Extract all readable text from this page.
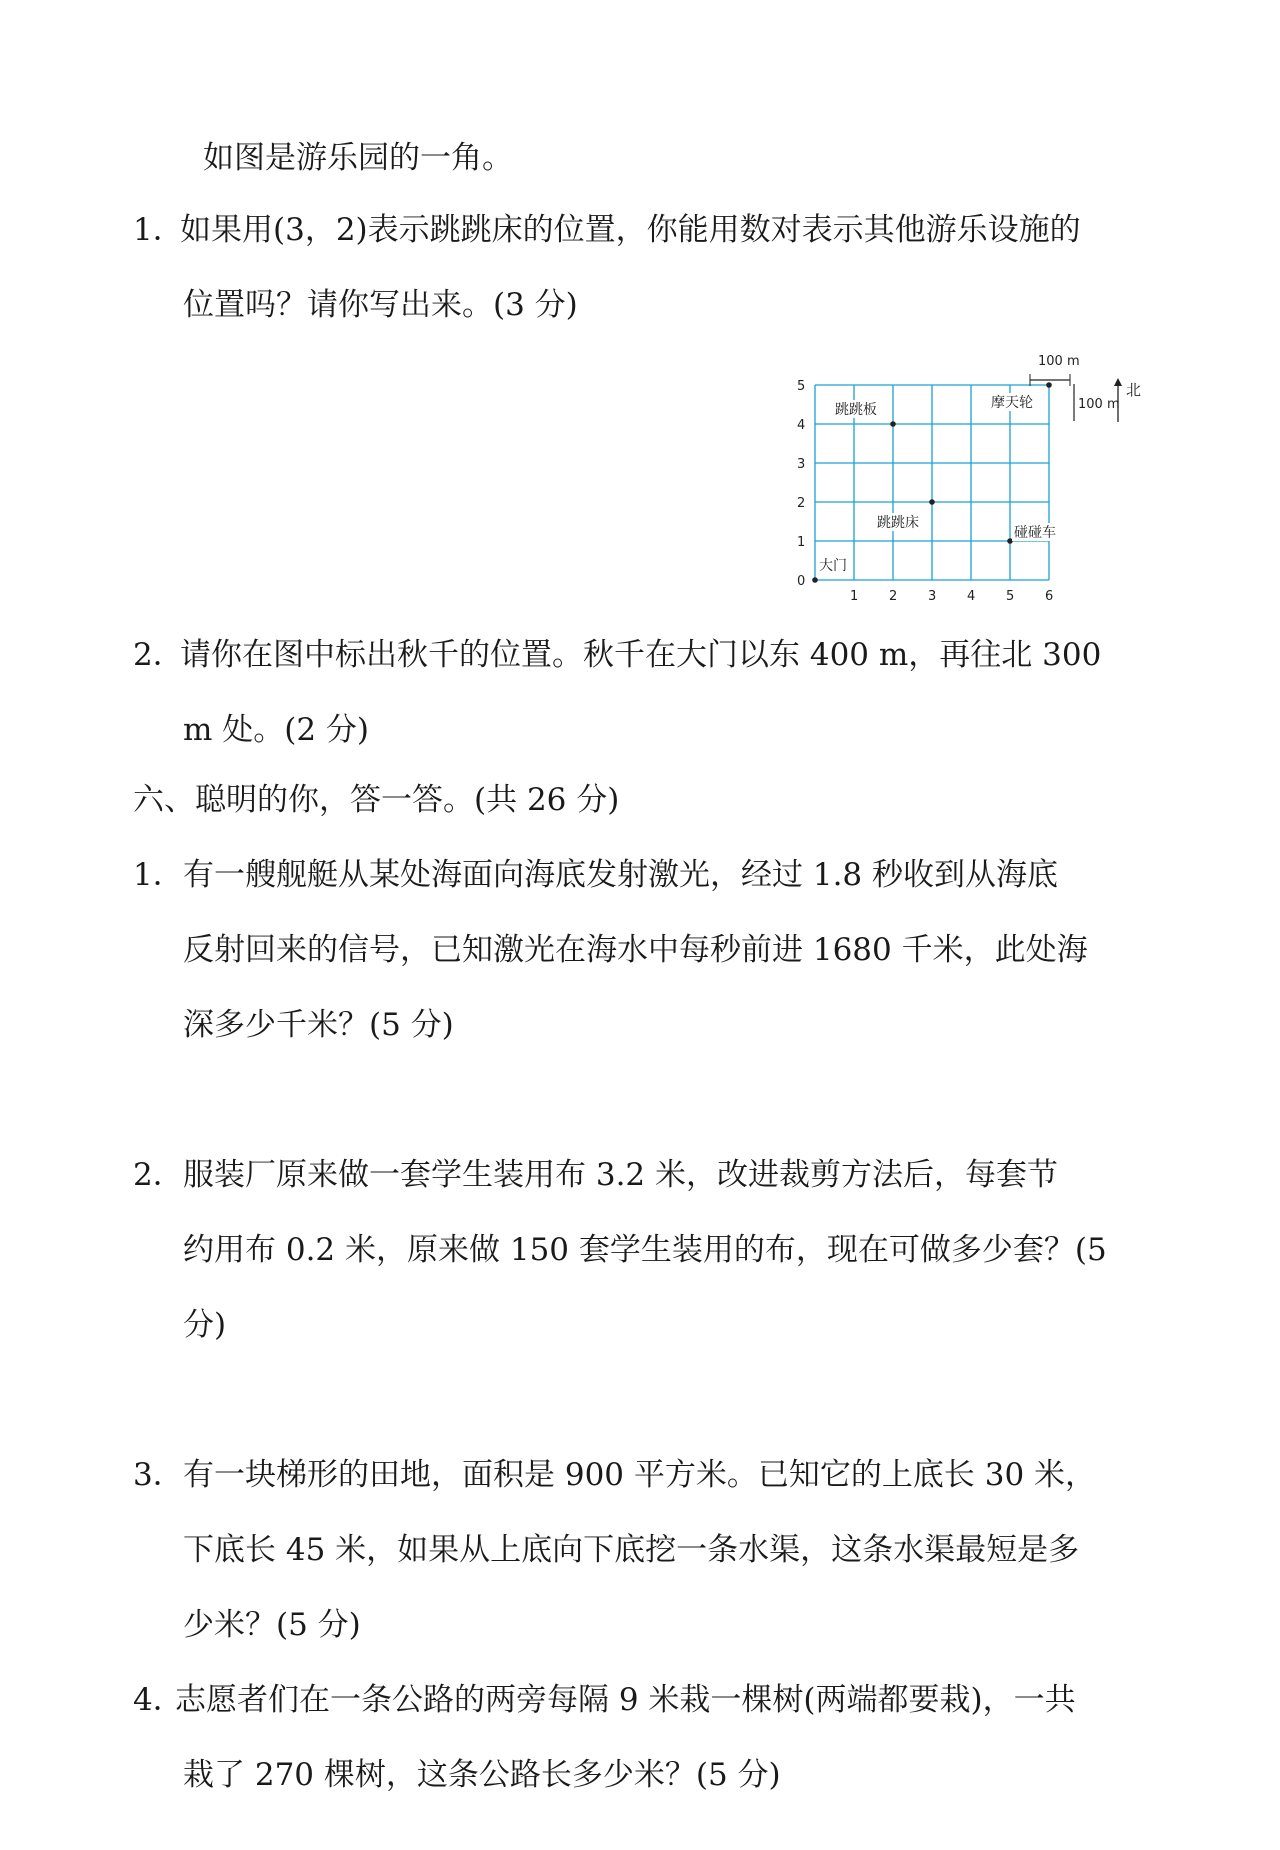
如图是游乐园的一角。
1．
如果用(3，2)表示跳跳床的位置，你能用数对表示其他游乐设施的
位置吗？请你写出来。(3 分)
0
1 2 3 4 5 6
1
2
3
4
5
跳跳板	摩天轮
跳跳床
碰碰车
大门
100 m
100 m
北
2．
请你在图中标出秋千的位置。秋千在大门以东 400 m，再往北 300
m 处。(2 分)
六、聪明的你，答一答。(共 26 分)
1． 有一艘舰艇从某处海面向海底发射激光，经过 1.8 秒收到从海底
反射回来的信号，已知激光在海水中每秒前进 1680 千米，此处海
深多少千米？(5 分)
2． 服装厂原来做一套学生装用布 3.2 米，改进裁剪方法后，每套节
约用布 0.2 米，原来做 150 套学生装用的布，现在可做多少套？(5
分)
3． 有一块梯形的田地，面积是 900 平方米。已知它的上底长 30 米，
下底长 45 米，如果从上底向下底挖一条水渠，这条水渠最短是多
少米？(5 分)
4．
志愿者们在一条公路的两旁每隔 9 米栽一棵树(两端都要栽)，一共
栽了 270 棵树，这条公路长多少米？(5 分)
